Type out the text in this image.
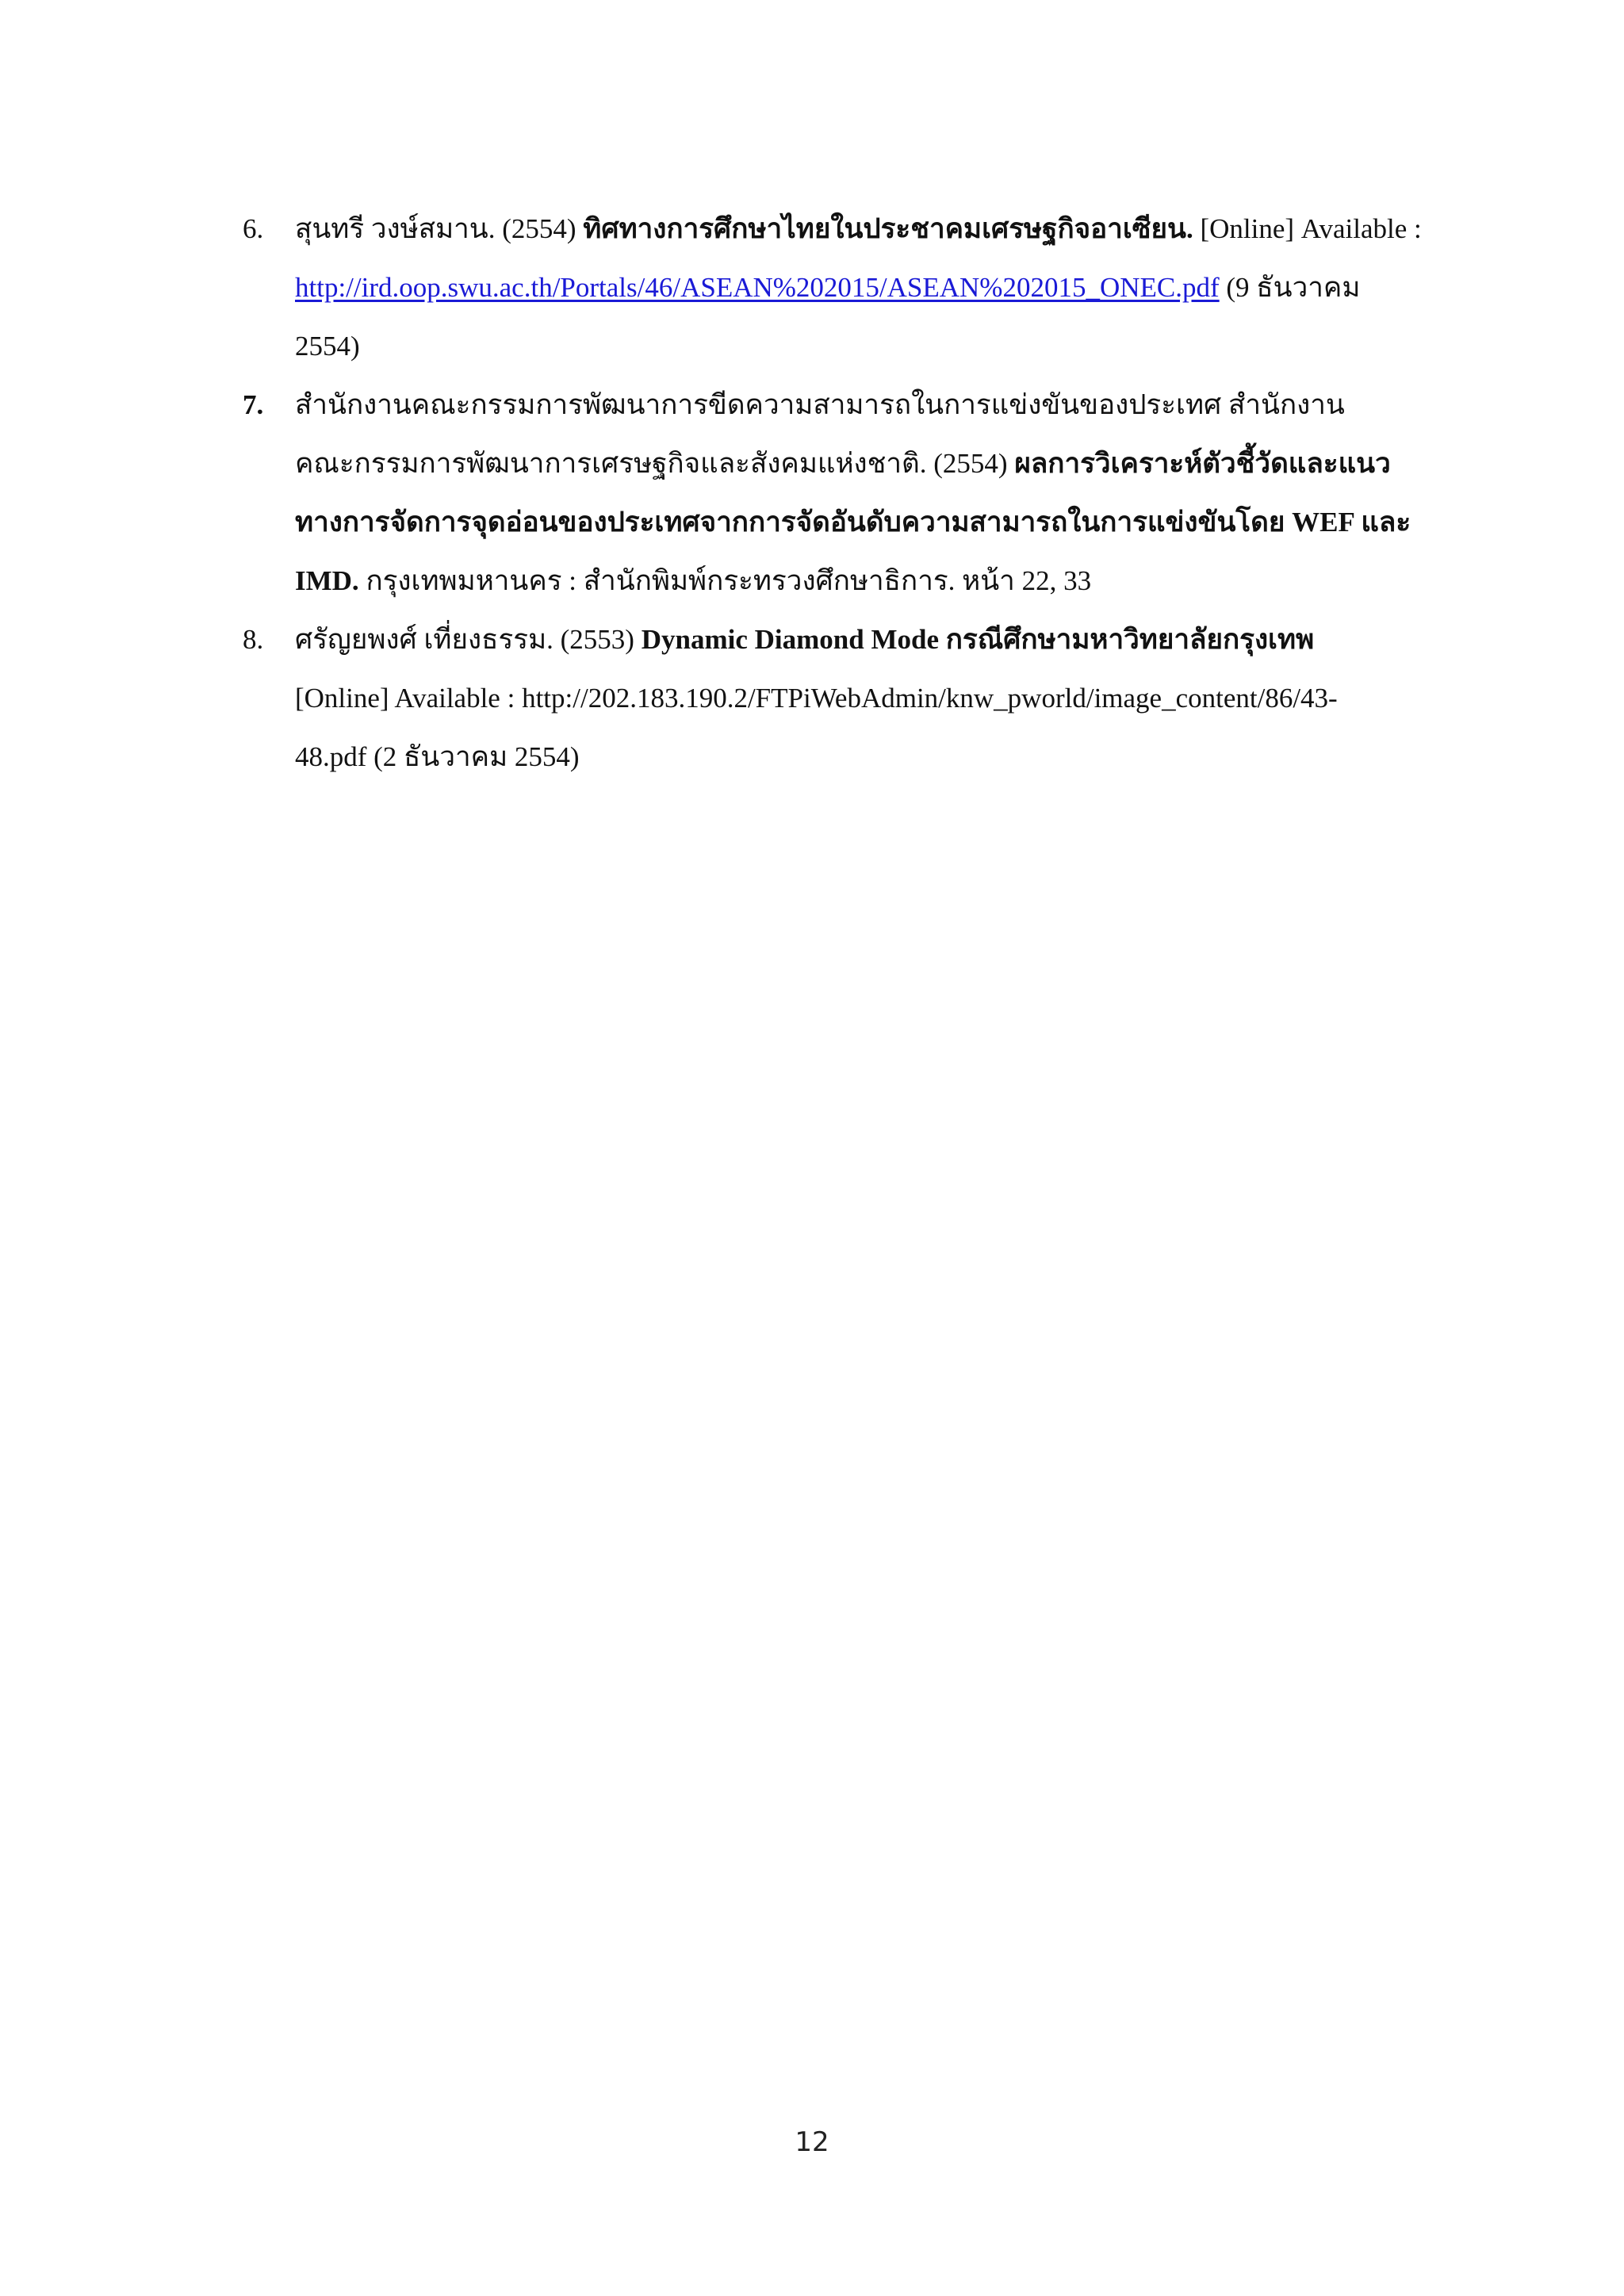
6. สุนทรี วงษ์สมาน. (2554) ทิศทางการศึกษาไทยในประชาคมเศรษฐกิจอาเซียน. [Online] Available :
http://ird.oop.swu.ac.th/Portals/46/ASEAN%202015/ASEAN%202015_ONEC.pdf (9 ธันวาคม
2554)
7. สำนักงานคณะกรรมการพัฒนาการขีดความสามารถในการแข่งขันของประเทศ สำนักงาน
คณะกรรมการพัฒนาการเศรษฐกิจและสังคมแห่งชาติ. (2554) ผลการวิเคราะห์ตัวชี้วัดและแนว
ทางการจัดการจุดอ่อนของประเทศจากการจัดอันดับความสามารถในการแข่งขันโดย WEF และ
IMD. กรุงเทพมหานคร : สำนักพิมพ์กระทรวงศึกษาธิการ. หน้า 22, 33
8. ศรัญยพงศ์ เที่ยงธรรม. (2553) Dynamic Diamond Mode กรณีศึกษามหาวิทยาลัยกรุงเทพ
[Online] Available : http://202.183.190.2/FTPiWebAdmin/knw_pworld/image_content/86/43-
48.pdf (2 ธันวาคม 2554)
12
